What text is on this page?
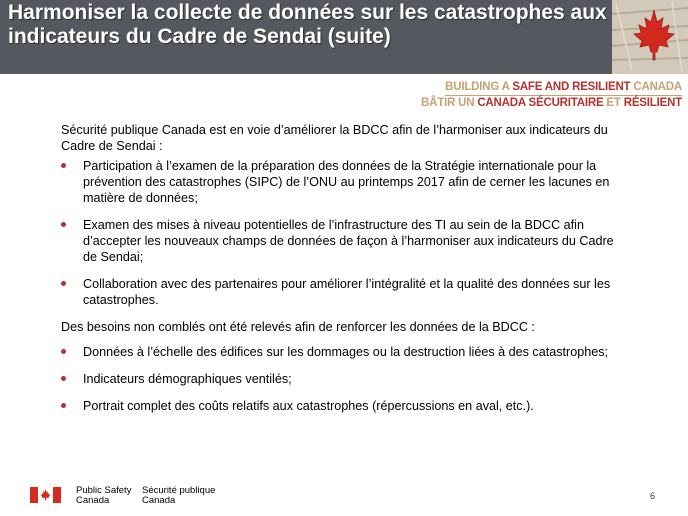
Harmoniser la collecte de données sur les catastrophes aux indicateurs du Cadre de Sendai (suite)
BUILDING A SAFE AND RESILIENT CANADA
BÂTIR UN CANADA SÉCURITAIRE ET RÉSILIENT

Sécurité publique Canada est en voie d’améliorer la BDCC afin de l’harmoniser aux indicateurs du Cadre de Sendai :

Participation à l’examen de la préparation des données de la Stratégie internationale pour la prévention des catastrophes (SIPC) de l’ONU au printemps 2017 afin de cerner les lacunes en matière de données;
Examen des mises à niveau potentielles de l’infrastructure des TI au sein de la BDCC afin d’accepter les nouveaux champs de données de façon à l’harmoniser aux indicateurs du Cadre de Sendai;
Collaboration avec des partenaires pour améliorer l’intégralité et la qualité des données sur les catastrophes.

Des besoins non comblés ont été relevés afin de renforcer les données de la BDCC :

Données à l’échelle des édifices sur les dommages ou la destruction liées à des catastrophes;
Indicateurs démographiques ventilés;
Portrait complet des coûts relatifs aux catastrophes (répercussions en aval, etc.).
Public Safety
Canada
Sécurité publique
Canada	6
